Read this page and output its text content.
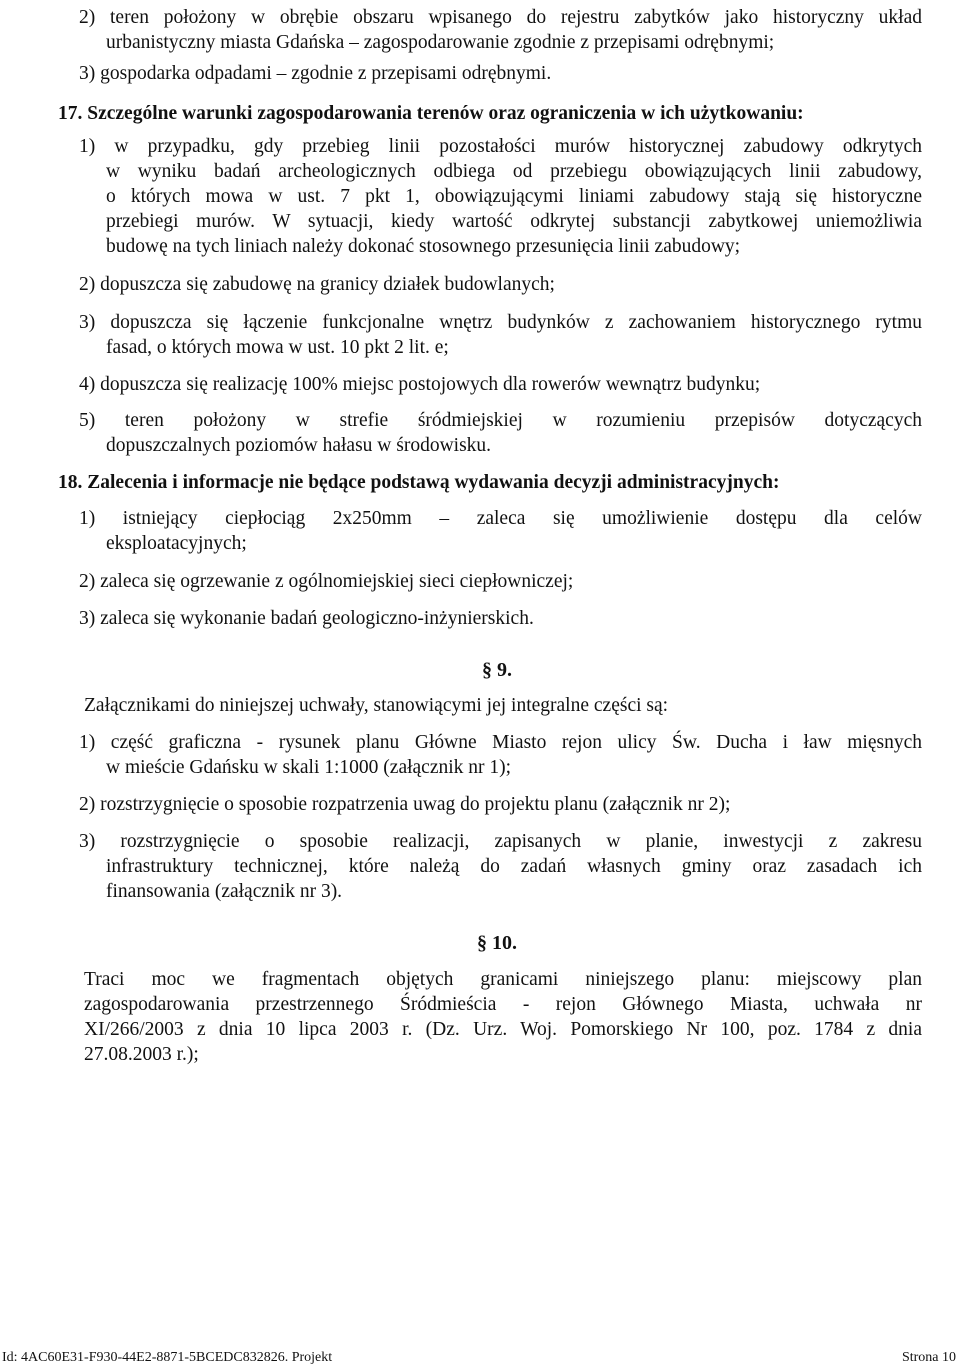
2) teren położony w obrębie obszaru wpisanego do rejestru zabytków jako historyczny układ
urbanistyczny miasta Gdańska – zagospodarowanie zgodnie z przepisami odrębnymi;
3) gospodarka odpadami – zgodnie z przepisami odrębnymi.
17. Szczególne warunki zagospodarowania terenów oraz ograniczenia w ich użytkowaniu:
1) w przypadku, gdy przebieg linii pozostałości murów historycznej zabudowy odkrytych
w wyniku badań archeologicznych odbiega od przebiegu obowiązujących linii zabudowy,
o których mowa w ust. 7 pkt 1, obowiązującymi liniami zabudowy stają się historyczne
przebiegi murów. W sytuacji, kiedy wartość odkrytej substancji zabytkowej uniemożliwia
budowę na tych liniach należy dokonać stosownego przesunięcia linii zabudowy;
2) dopuszcza się zabudowę na granicy działek budowlanych;
3) dopuszcza się łączenie funkcjonalne wnętrz budynków z zachowaniem historycznego rytmu
fasad, o których mowa w ust. 10 pkt 2 lit. e;
4) dopuszcza się realizację 100% miejsc postojowych dla rowerów wewnątrz budynku;
5) teren położony w strefie śródmiejskiej w rozumieniu przepisów dotyczących
dopuszczalnych poziomów hałasu w środowisku.
18. Zalecenia i informacje nie będące podstawą wydawania decyzji administracyjnych:
1) istniejący ciepłociąg 2x250mm – zaleca się umożliwienie dostępu dla celów
eksploatacyjnych;
2) zaleca się ogrzewanie z ogólnomiejskiej sieci ciepłowniczej;
3) zaleca się wykonanie badań geologiczno-inżynierskich.
§ 9.
Załącznikami do niniejszej uchwały, stanowiącymi jej integralne części są:
1) część graficzna - rysunek planu Główne Miasto rejon ulicy Św. Ducha i ław mięsnych
w mieście Gdańsku w skali 1:1000 (załącznik nr 1);
2) rozstrzygnięcie o sposobie rozpatrzenia uwag do projektu planu (załącznik nr 2);
3) rozstrzygnięcie o sposobie realizacji, zapisanych w planie, inwestycji z zakresu
infrastruktury technicznej, które należą do zadań własnych gminy oraz zasadach ich
finansowania (załącznik nr 3).
§ 10.
Traci moc we fragmentach objętych granicami niniejszego planu: miejscowy plan
zagospodarowania przestrzennego Śródmieścia - rejon Głównego Miasta, uchwała nr
XI/266/2003 z dnia 10 lipca 2003 r. (Dz. Urz. Woj. Pomorskiego Nr 100, poz. 1784 z dnia
27.08.2003 r.);
Id: 4AC60E31-F930-44E2-8871-5BCEDC832826. Projekt	Strona 10
